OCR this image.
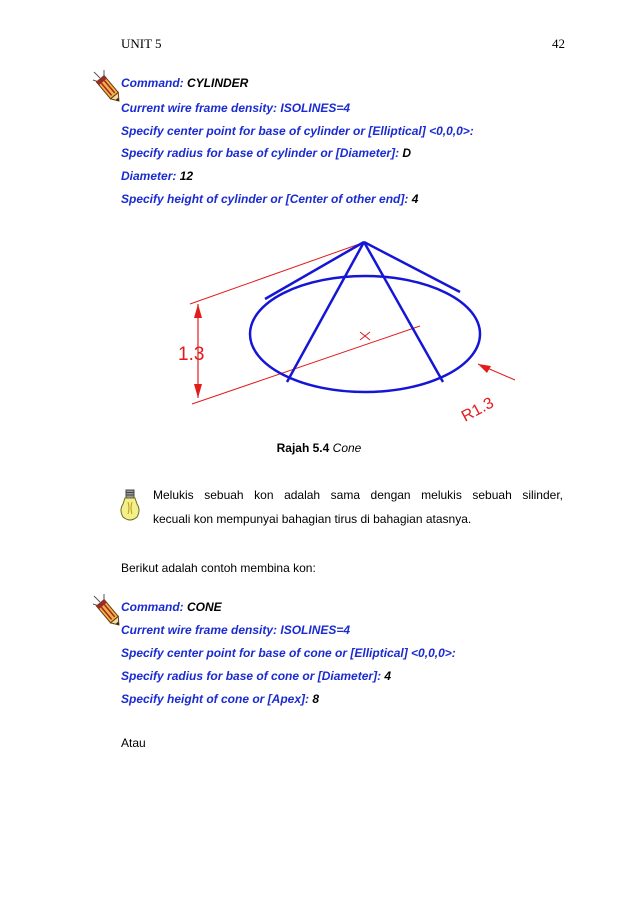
UNIT 5	42
Command: CYLINDER
Current wire frame density: ISOLINES=4
Specify center point for base of cylinder or [Elliptical] <0,0,0>:
Specify radius for base of cylinder or [Diameter]: D
Diameter: 12
Specify height of cylinder or [Center of other end]: 4
R1.3
1.3
Rajah 5.4 Cone
Melukis sebuah kon adalah sama dengan melukis sebuah silinder,
kecuali kon mempunyai bahagian tirus di bahagian atasnya.
Berikut adalah contoh membina kon:
Command: CONE
Current wire frame density: ISOLINES=4
Specify center point for base of cone or [Elliptical] <0,0,0>:
Specify radius for base of cone or [Diameter]: 4
Specify height of cone or [Apex]: 8
Atau
